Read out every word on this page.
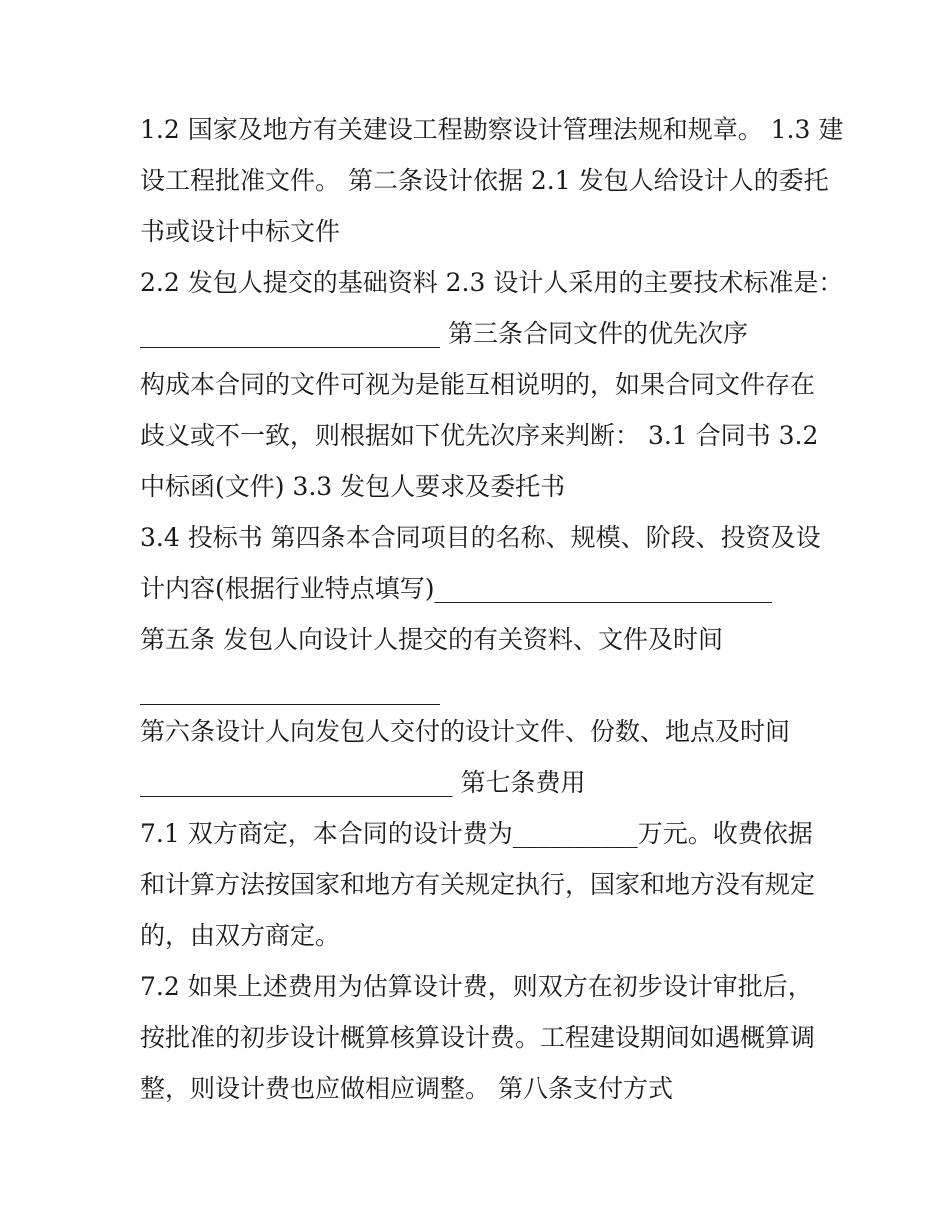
1.2 国家及地方有关建设工程勘察设计管理法规和规章。 1.3 建
设工程批准文件。 第二条设计依据 2.1 发包人给设计人的委托
书或设计中标文件
2.2 发包人提交的基础资料 2.3 设计人采用的主要技术标准是：
________________________ 第三条合同文件的优先次序
构成本合同的文件可视为是能互相说明的，如果合同文件存在
歧义或不一致，则根据如下优先次序来判断： 3.1 合同书 3.2
中标函(文件) 3.3 发包人要求及委托书
3.4 投标书 第四条本合同项目的名称、规模、阶段、投资及设
计内容(根据行业特点填写)___________________________
第五条 发包人向设计人提交的有关资料、文件及时间
________________________
第六条设计人向发包人交付的设计文件、份数、地点及时间
_________________________ 第七条费用
7.1 双方商定，本合同的设计费为__________万元。收费依据
和计算方法按国家和地方有关规定执行，国家和地方没有规定
的，由双方商定。
7.2 如果上述费用为估算设计费，则双方在初步设计审批后，
按批准的初步设计概算核算设计费。工程建设期间如遇概算调
整，则设计费也应做相应调整。 第八条支付方式
